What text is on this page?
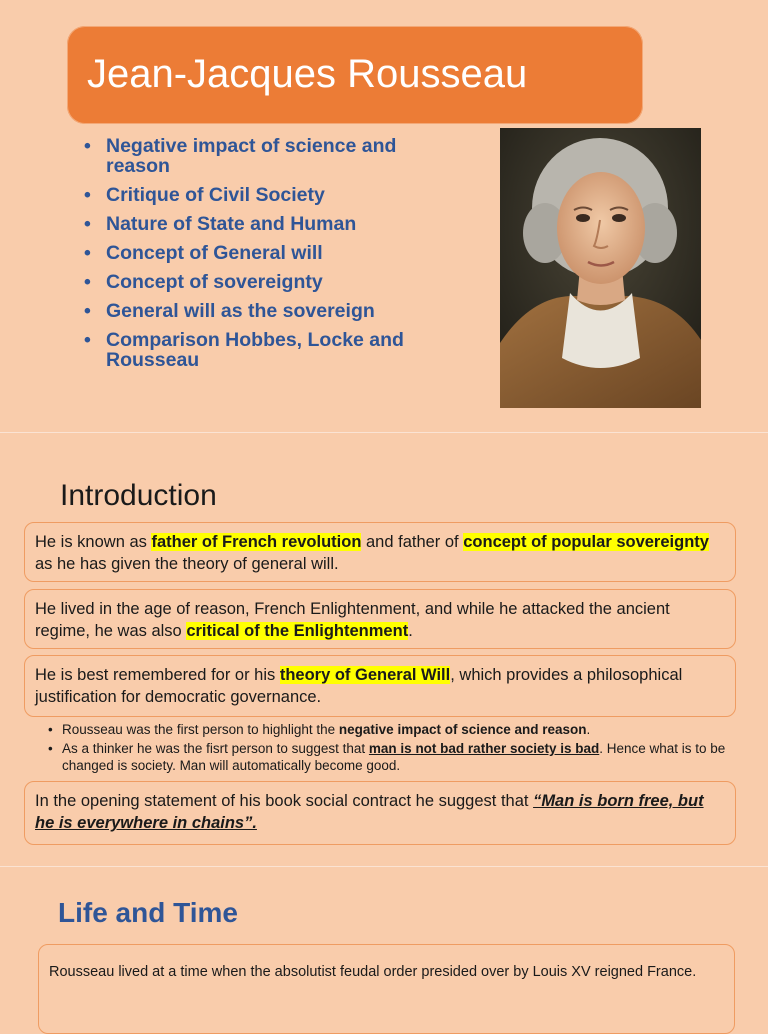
Jean-Jacques Rousseau
• Negative impact of science and reason
• Critique of Civil Society
• Nature of State and Human
• Concept of General will
• Concept of sovereignty
• General will as the sovereign
• Comparison Hobbes, Locke and Rousseau
Introduction
He is known as father of French revolution and father of concept of popular sovereignty as he has given the theory of general will.
He lived in the age of reason, French Enlightenment, and while he attacked the ancient regime, he was also critical of the Enlightenment.
He is best remembered for or his theory of General Will, which provides a philosophical justification for democratic governance.
• Rousseau was the first person to highlight the negative impact of science and reason.
• As a thinker he was the fisrt person to suggest that man is not bad rather society is bad. Hence what is to be changed is society. Man will automatically become good.
In the opening statement of his book social contract he suggest that “Man is born free, but he is everywhere in chains”.
Life and Time
Rousseau lived at a time when the absolutist feudal order presided over by Louis XV reigned France.
